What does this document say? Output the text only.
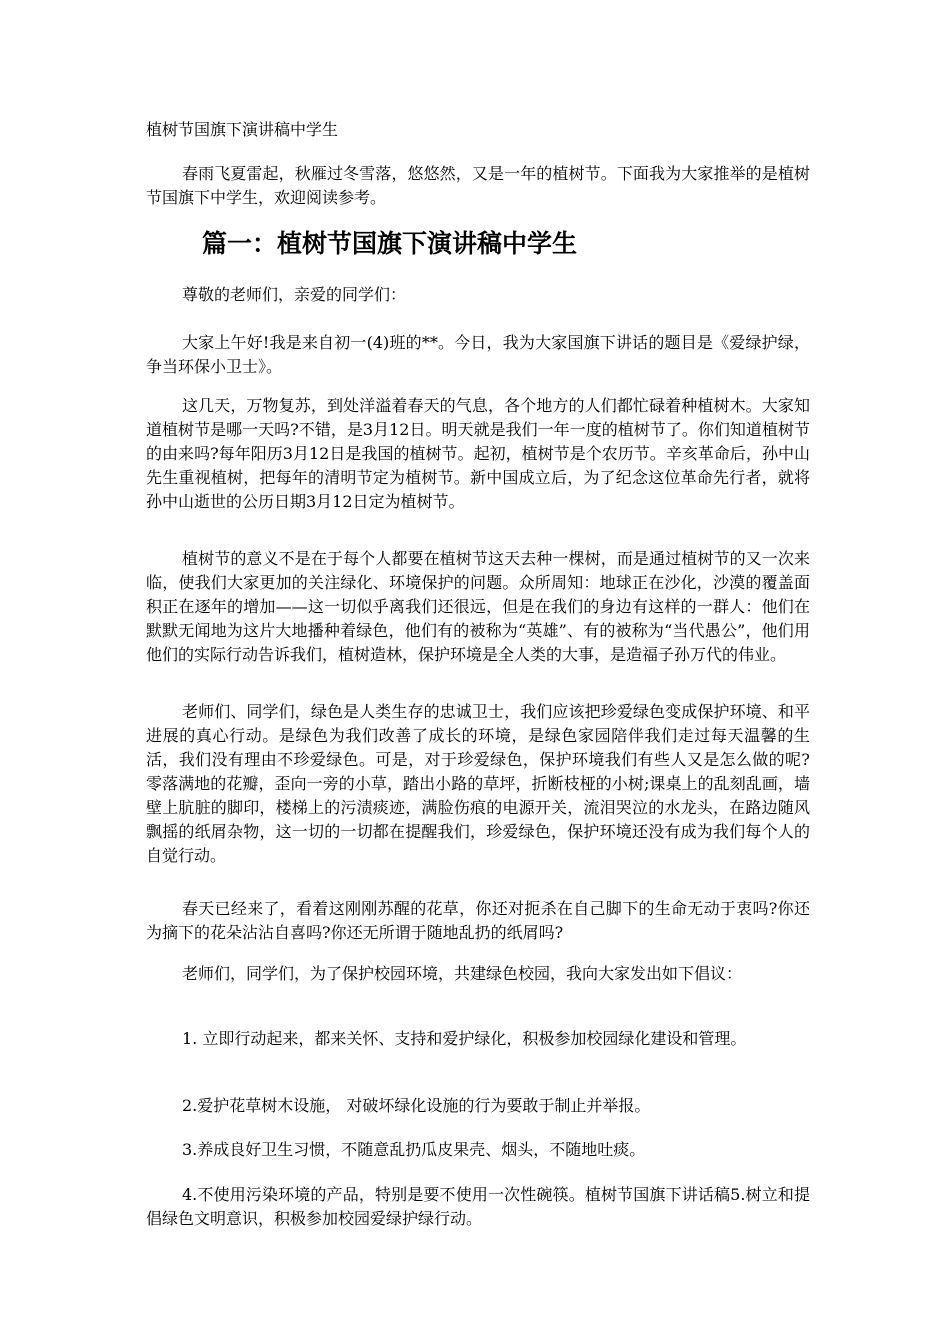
植树节国旗下演讲稿中学生

春雨飞夏雷起，秋雁过冬雪落，悠悠然，又是一年的植树节。下面我为大家推举的是植树节国旗下中学生，欢迎阅读参考。

篇一：植树节国旗下演讲稿中学生

尊敬的老师们，亲爱的同学们：

大家上午好!我是来自初一(4)班的**。今日，我为大家国旗下讲话的题目是《爱绿护绿，争当环保小卫士》。

这几天，万物复苏，到处洋溢着春天的气息，各个地方的人们都忙碌着种植树木。大家知道植树节是哪一天吗?不错，是3月12日。明天就是我们一年一度的植树节了。你们知道植树节的由来吗?每年阳历3月12日是我国的植树节。起初，植树节是个农历节。辛亥革命后，孙中山先生重视植树，把每年的清明节定为植树节。新中国成立后，为了纪念这位革命先行者，就将孙中山逝世的公历日期3月12日定为植树节。

植树节的意义不是在于每个人都要在植树节这天去种一棵树，而是通过植树节的又一次来临，使我们大家更加的关注绿化、环境保护的问题。众所周知：地球正在沙化，沙漠的覆盖面积正在逐年的增加——这一切似乎离我们还很远，但是在我们的身边有这样的一群人：他们在默默无闻地为这片大地播种着绿色，他们有的被称为“英雄”、有的被称为“当代愚公”，他们用他们的实际行动告诉我们，植树造林，保护环境是全人类的大事，是造福子孙万代的伟业。

老师们、同学们，绿色是人类生存的忠诚卫士，我们应该把珍爱绿色变成保护环境、和平进展的真心行动。是绿色为我们改善了成长的环境，是绿色家园陪伴我们走过每天温馨的生活，我们没有理由不珍爱绿色。可是，对于珍爱绿色，保护环境我们有些人又是怎么做的呢?零落满地的花瓣，歪向一旁的小草，踏出小路的草坪，折断枝桠的小树;课桌上的乱刻乱画，墙壁上肮脏的脚印，楼梯上的污渍痰迹，满脸伤痕的电源开关，流泪哭泣的水龙头，在路边随风飘摇的纸屑杂物，这一切的一切都在提醒我们，珍爱绿色，保护环境还没有成为我们每个人的自觉行动。

春天已经来了，看着这刚刚苏醒的花草，你还对扼杀在自己脚下的生命无动于衷吗?你还为摘下的花朵沾沾自喜吗?你还无所谓于随地乱扔的纸屑吗?

老师们，同学们，为了保护校园环境，共建绿色校园，我向大家发出如下倡议：

1. 立即行动起来，都来关怀、支持和爱护绿化，积极参加校园绿化建设和管理。

2.爱护花草树木设施， 对破坏绿化设施的行为要敢于制止并举报。

3.养成良好卫生习惯，不随意乱扔瓜皮果壳、烟头，不随地吐痰。

4.不使用污染环境的产品，特别是要不使用一次性碗筷。植树节国旗下讲话稿5.树立和提倡绿色文明意识，积极参加校园爱绿护绿行动。
